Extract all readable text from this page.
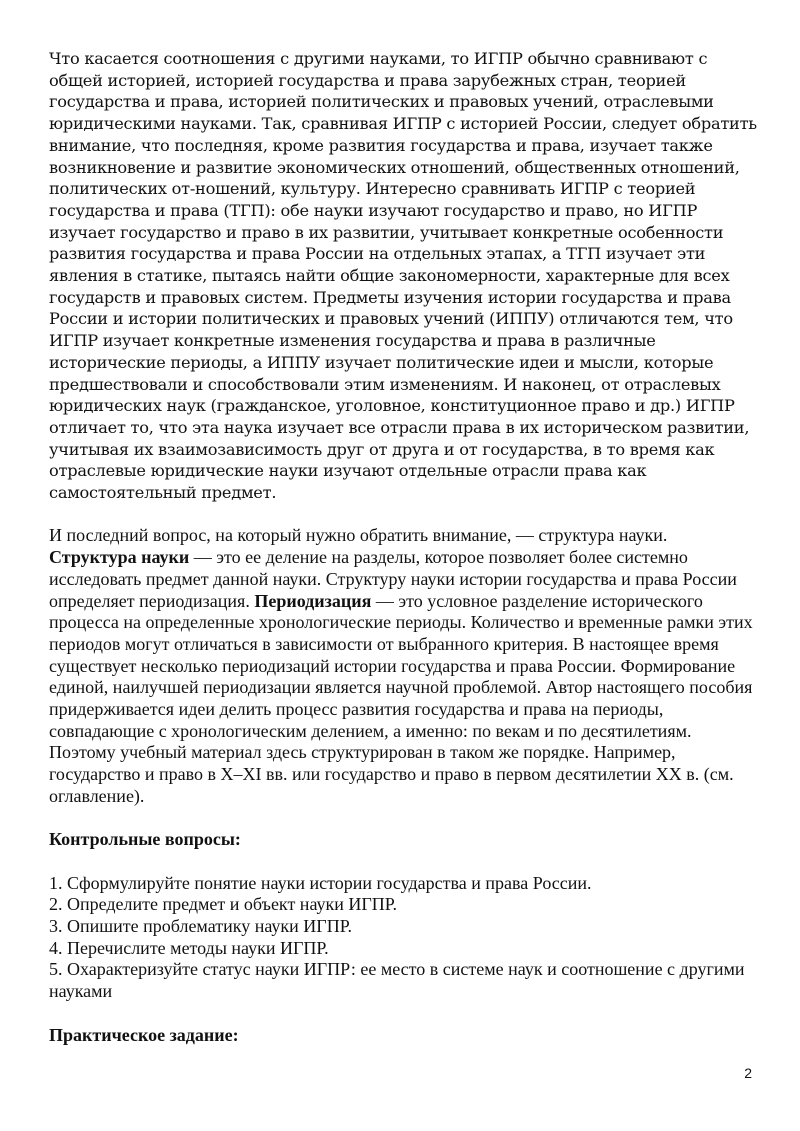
Что касается соотношения с другими науками, то ИГПР обычно сравнивают с общей историей, историей государства и права зарубежных стран, теорией государства и права, историей политических и правовых учений, отраслевыми юридическими науками. Так, сравнивая ИГПР с историей России, следует обратить внимание, что последняя, кроме развития государства и права, изучает также возникновение и развитие экономических отношений, общественных отношений, политических от-ношений, культуру. Интересно сравнивать ИГПР с теорией государства и права (ТГП): обе науки изучают государство и право, но ИГПР изучает государство и право в их развитии, учитывает конкретные особенности развития государства и права России на отдельных этапах, а ТГП изучает эти явления в статике, пытаясь найти общие закономерности, характерные для всех государств и правовых систем. Предметы изучения истории государства и права России и истории политических и правовых учений (ИППУ) отличаются тем, что ИГПР изучает конкретные изменения государства и права в различные исторические периоды, а ИППУ изучает политические идеи и мысли, которые предшествовали и способствовали этим изменениям. И наконец, от отраслевых юридических наук (гражданское, уголовное, конституционное право и др.) ИГПР отличает то, что эта наука изучает все отрасли права в их историческом развитии, учитывая их взаимозависимость друг от друга и от государства, в то время как отраслевые юридические науки изучают отдельные отрасли права как самостоятельный предмет.

И последний вопрос, на который нужно обратить внимание, — структура науки. Структура науки — это ее деление на разделы, которое позволяет более системно исследовать предмет данной науки. Структуру науки истории государства и права России определяет периодизация. Периодизация — это условное разделение исторического процесса на определенные хронологические периоды. Количество и временные рамки этих периодов могут отличаться в зависимости от выбранного критерия. В настоящее время существует несколько периодизаций истории государства и права России. Формирование единой, наилучшей периодизации является научной проблемой. Автор настоящего пособия придерживается идеи делить процесс развития государства и права на периоды, совпадающие с хронологическим делением, а именно: по векам и по десятилетиям. Поэтому учебный материал здесь структурирован в таком же порядке. Например, государство и право в X–XI вв. или государство и право в первом десятилетии XX в. (см. оглавление).

Контрольные вопросы:

1. Сформулируйте понятие науки истории государства и права России.

2. Определите предмет и объект науки ИГПР.

3. Опишите проблематику науки ИГПР.

4. Перечислите методы науки ИГПР.

5. Охарактеризуйте статус науки ИГПР: ее место в системе наук и соотношение с другими науками

Практическое задание:

2
